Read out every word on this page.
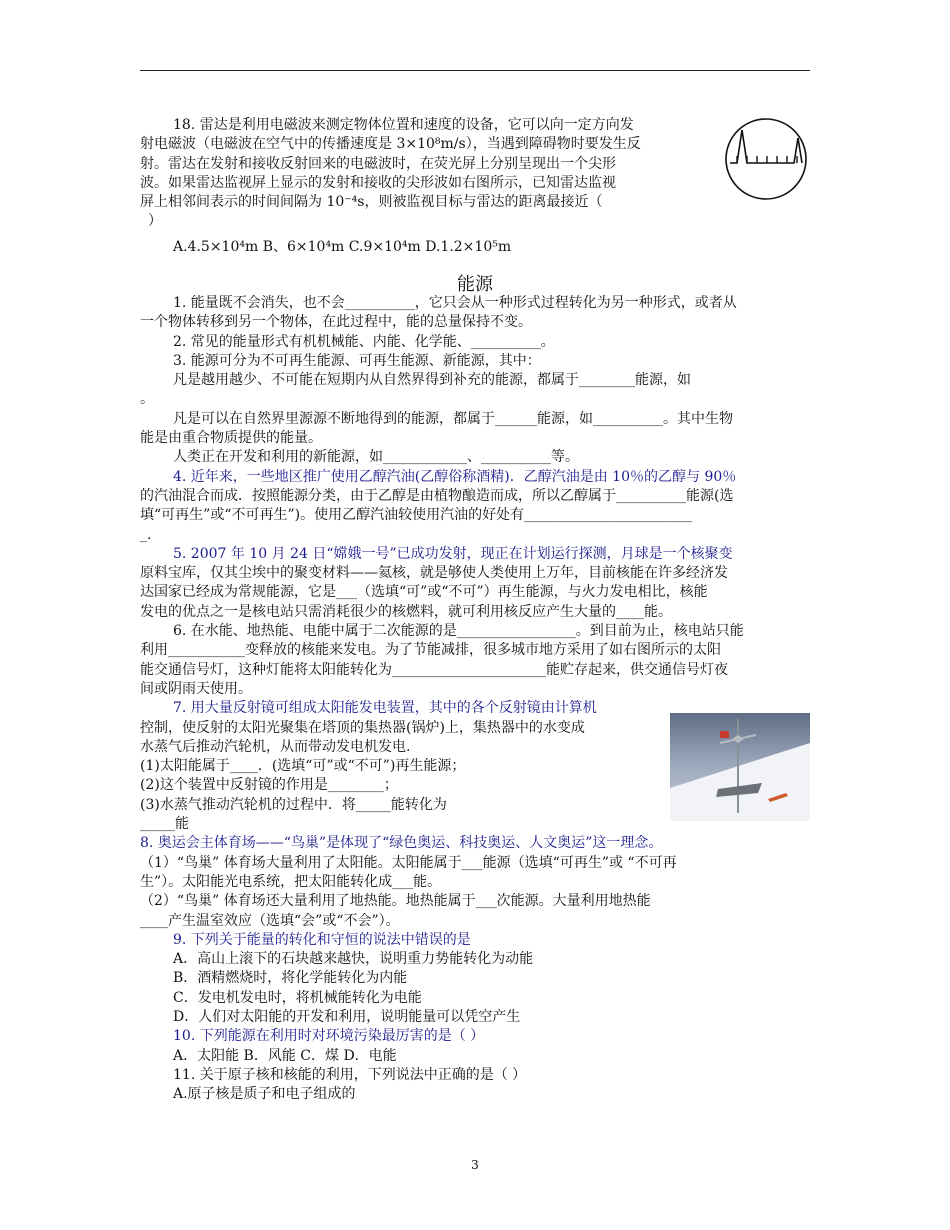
18. 雷达是利用电磁波来测定物体位置和速度的设备，它可以向一定方向发
射电磁波（电磁波在空气中的传播速度是 3×10⁸m/s），当遇到障碍物时要发生反
射。雷达在发射和接收反射回来的电磁波时，在荧光屏上分别呈现出一个尖形
波。如果雷达监视屏上显示的发射和接收的尖形波如右图所示，已知雷达监视
屏上相邻间表示的时间间隔为 10⁻⁴s，则被监视目标与雷达的距离最接近（
）
A.4.5×10⁴m B、6×10⁴m C.9×10⁴m D.1.2×10⁵m
能源
1. 能量既不会消失，也不会__________，它只会从一种形式过程转化为另一种形式，或者从
一个物体转移到另一个物体，在此过程中，能的总量保持不变。
2. 常见的能量形式有机机械能、内能、化学能、__________。
3. 能源可分为不可再生能源、可再生能源、新能源，其中：
凡是越用越少、不可能在短期内从自然界得到补充的能源，都属于________能源，如
。
凡是可以在自然界里源源不断地得到的能源，都属于______能源，如__________。其中生物
能是由重合物质提供的能量。
人类正在开发和利用的新能源，如____________、__________等。
4. 近年来，一些地区推广使用乙醇汽油(乙醇俗称酒精)．乙醇汽油是由 10％的乙醇与 90％
的汽油混合而成．按照能源分类，由于乙醇是由植物酿造而成，所以乙醇属于__________能源(选
填“可再生”或“不可再生”)。使用乙醇汽油较使用汽油的好处有________________________
_.
5. 2007 年 10 月 24 日“嫦娥一号”已成功发射，现正在计划运行探测，月球是一个核聚变
原料宝库，仅其尘埃中的聚变材料——氦核，就是够使人类使用上万年，目前核能在许多经济发
达国家已经成为常规能源，它是___（选填“可”或“不可”）再生能源，与火力发电相比，核能
发电的优点之一是核电站只需消耗很少的核燃料，就可利用核反应产生大量的____能。
6. 在水能、地热能、电能中属于二次能源的是_________________。到目前为止，核电站只能
利用___________变释放的核能来发电。为了节能减排，很多城市地方采用了如右图所示的太阳
能交通信号灯，这种灯能将太阳能转化为______________________能贮存起来，供交通信号灯夜
间或阴雨天使用。
7. 用大量反射镜可组成太阳能发电装置，其中的各个反射镜由计算机
控制，使反射的太阳光聚集在塔顶的集热器(锅炉)上，集热器中的水变成
水蒸气后推动汽轮机，从而带动发电机发电.
(1)太阳能属于____．(选填“可”或“不可”)再生能源；
(2)这个装置中反射镜的作用是________；
(3)水蒸气推动汽轮机的过程中．将_____能转化为
_____能
8. 奥运会主体育场——“鸟巢”是体现了“绿色奥运、科技奥运、人文奥运”这一理念。
（1）“鸟巢” 体育场大量利用了太阳能。太阳能属于___能源（选填“可再生”或 “不可再
生”）。太阳能光电系统，把太阳能转化成___能。
（2）“鸟巢” 体育场还大量利用了地热能。地热能属于___次能源。大量利用地热能
____产生温室效应（选填“会”或“不会”）。
9. 下列关于能量的转化和守恒的说法中错误的是
A．高山上滚下的石块越来越快，说明重力势能转化为动能
B．酒精燃烧时，将化学能转化为内能
C．发电机发电时，将机械能转化为电能
D．人们对太阳能的开发和利用，说明能量可以凭空产生
10. 下列能源在利用时对环境污染最厉害的是（ ）
A．太阳能 B．风能 C．煤 D．电能
11. 关于原子核和核能的利用，下列说法中正确的是（ ）
A.原子核是质子和电子组成的
3
